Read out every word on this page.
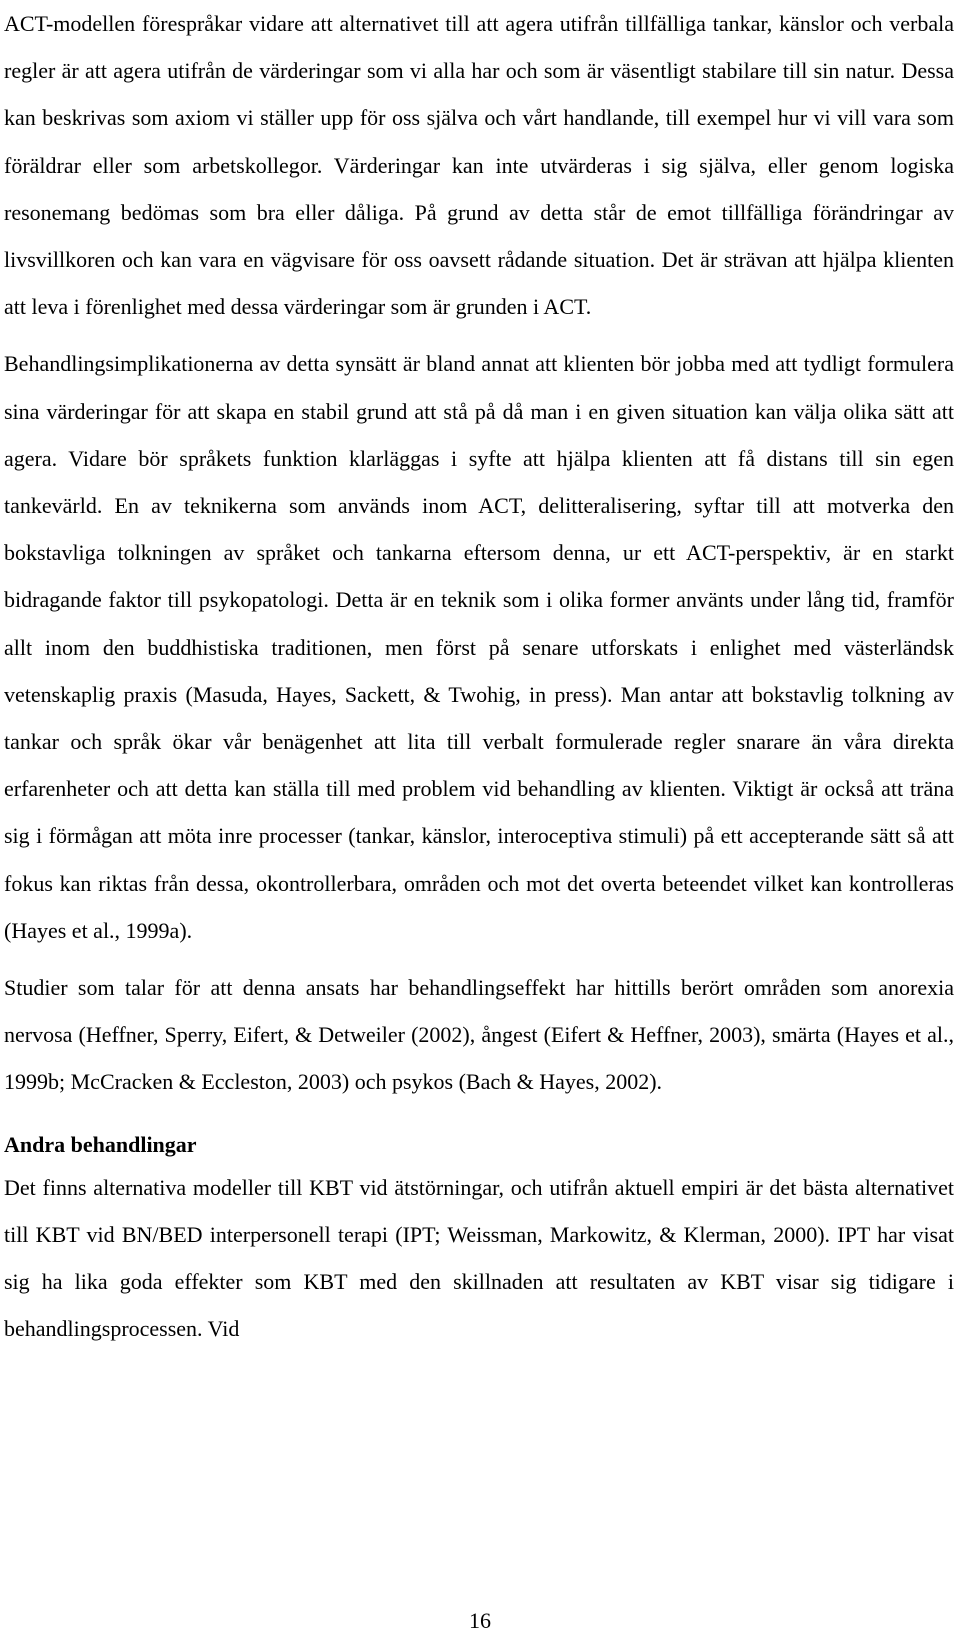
ACT-modellen förespråkar vidare att alternativet till att agera utifrån tillfälliga tankar, känslor och verbala regler är att agera utifrån de värderingar som vi alla har och som är väsentligt stabilare till sin natur. Dessa kan beskrivas som axiom vi ställer upp för oss själva och vårt handlande, till exempel hur vi vill vara som föräldrar eller som arbetskollegor. Värderingar kan inte utvärderas i sig själva, eller genom logiska resonemang bedömas som bra eller dåliga. På grund av detta står de emot tillfälliga förändringar av livsvillkoren och kan vara en vägvisare för oss oavsett rådande situation. Det är strävan att hjälpa klienten att leva i förenlighet med dessa värderingar som är grunden i ACT.

Behandlingsimplikationerna av detta synsätt är bland annat att klienten bör jobba med att tydligt formulera sina värderingar för att skapa en stabil grund att stå på då man i en given situation kan välja olika sätt att agera. Vidare bör språkets funktion klarläggas i syfte att hjälpa klienten att få distans till sin egen tankevärld. En av teknikerna som används inom ACT, delitteralisering, syftar till att motverka den bokstavliga tolkningen av språket och tankarna eftersom denna, ur ett ACT-perspektiv, är en starkt bidragande faktor till psykopatologi. Detta är en teknik som i olika former använts under lång tid, framför allt inom den buddhistiska traditionen, men först på senare utforskats i enlighet med västerländsk vetenskaplig praxis (Masuda, Hayes, Sackett, & Twohig, in press). Man antar att bokstavlig tolkning av tankar och språk ökar vår benägenhet att lita till verbalt formulerade regler snarare än våra direkta erfarenheter och att detta kan ställa till med problem vid behandling av klienten. Viktigt är också att träna sig i förmågan att möta inre processer (tankar, känslor, interoceptiva stimuli) på ett accepterande sätt så att fokus kan riktas från dessa, okontrollerbara, områden och mot det overta beteendet vilket kan kontrolleras (Hayes et al., 1999a).

Studier som talar för att denna ansats har behandlingseffekt har hittills berört områden som anorexia nervosa (Heffner, Sperry, Eifert, & Detweiler (2002), ångest (Eifert & Heffner, 2003), smärta (Hayes et al., 1999b; McCracken & Eccleston, 2003) och psykos (Bach & Hayes, 2002).

Andra behandlingar

Det finns alternativa modeller till KBT vid ätstörningar, och utifrån aktuell empiri är det bästa alternativet till KBT vid BN/BED interpersonell terapi (IPT; Weissman, Markowitz, & Klerman, 2000). IPT har visat sig ha lika goda effekter som KBT med den skillnaden att resultaten av KBT visar sig tidigare i behandlingsprocessen. Vid

16
